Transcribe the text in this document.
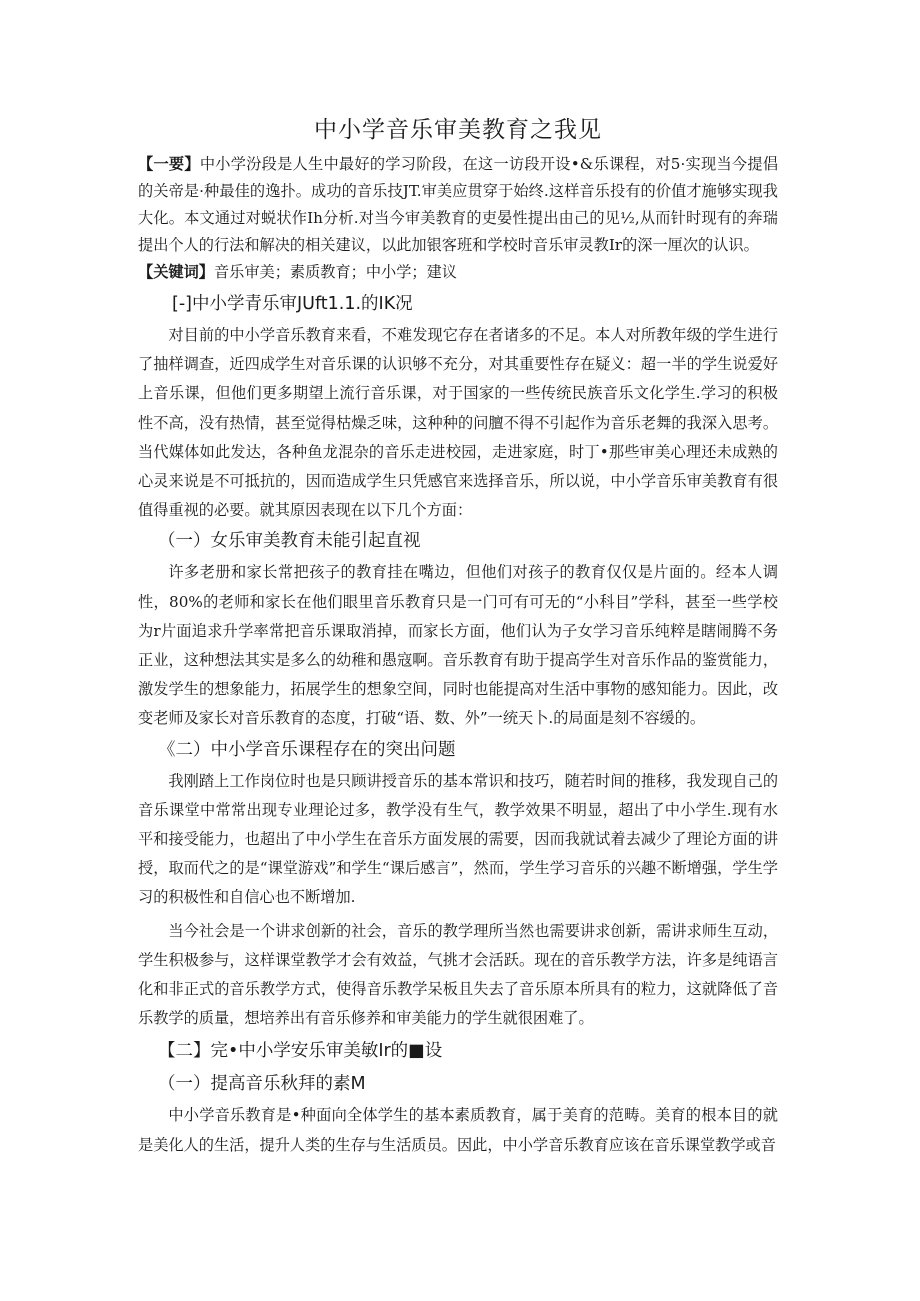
中小学音乐审美教育之我见
【一要】中小学汾段是人生中最好的学习阶段，在这一访段开设•&乐课程，对5·实现当今提倡的关帝是·种最佳的逸扑。成功的音乐技JT.审美应贯穿于始终.这样音乐投有的价值才施够实现我大化。本文通过对蜕状作Ih分析.对当今审美教育的吏晏性提出由己的见½,从而针时现有的奔瑞提出个人的行法和解决的相关建议，以此加银客班和学校时音乐审灵教Ir的深一厘次的认识。
【关键词】音乐审美；素质教育；中小学；建议
[-]中小学青乐审JUft1.1.的IK况

对目前的中小学音乐教育来看，不难发现它存在者诸多的不足。本人对所教年级的学生进行了抽样调查，近四成学生对音乐课的认识够不充分，对其重要性存在疑义：超一半的学生说爱好上音乐课，但他们更多期望上流行音乐课，对于国家的一些传统民族音乐文化学生.学习的积极性不高，没有热情，甚至觉得枯燥乏味，这种种的问膻不得不引起作为音乐老舞的我深入思考。当代媒体如此发达，各种鱼龙混杂的音乐走进校园，走进家庭，时丁•那些审美心理还未成熟的心灵来说是不可抵抗的，因而造成学生只凭感官来选择音乐，所以说，中小学音乐审美教育有很值得重视的必要。就其原因表现在以下几个方面：

（一）女乐审美教育未能引起直视

许多老册和家长常把孩子的教育挂在嘴边，但他们对孩子的教育仅仅是片面的。经本人调性，80%的老师和家长在他们眼里音乐教育只是一门可有可无的“小科目”学科，甚至一些学校为r片面追求升学率常把音乐课取消掉，而家长方面，他们认为子女学习音乐纯粹是瞎闹腾不务正业，这种想法其实是多么的幼稚和愚寇啊。音乐教育有助于提高学生对音乐作品的鉴赏能力，激发学生的想象能力，拓展学生的想象空间，同时也能提高对生活中事物的感知能力。因此，改变老师及家长对音乐教育的态度，打破“语、数、外”一统天卜.的局面是刻不容缓的。

《二）中小学音乐课程存在的突出问题

我刚踏上工作岗位时也是只顾讲授音乐的基本常识和技巧，随若时间的推移，我发现自己的音乐课堂中常常出现专业理论过多，教学没有生气，教学效果不明显，超出了中小学生.现有水平和接受能力，也超出了中小学生在音乐方面发展的需要，因而我就试着去减少了理论方面的讲授，取而代之的是“课堂游戏”和学生“课后感言”，然而，学生学习音乐的兴趣不断增强，学生学习的积极性和自信心也不断增加.

当今社会是一个讲求创新的社会，音乐的教学理所当然也需要讲求创新，需讲求师生互动，学生积极参与，这样课堂教学才会有效益，气挑才会活跃。现在的音乐教学方法，许多是纯语言化和非正式的音乐教学方式，使得音乐教学呆板且失去了音乐原本所具有的粒力，这就降低了音乐教学的质量，想培养出有音乐修养和审美能力的学生就很困难了。

【二】完•中小学安乐审美敏Ir的■设
（一）提高音乐秋拜的素M

中小学音乐教育是•种面向全体学生的基本素质教育，属于美育的范畴。美育的根本目的就是美化人的生活，提升人类的生存与生活质员。因此，中小学音乐教育应该在音乐课堂教学或音
